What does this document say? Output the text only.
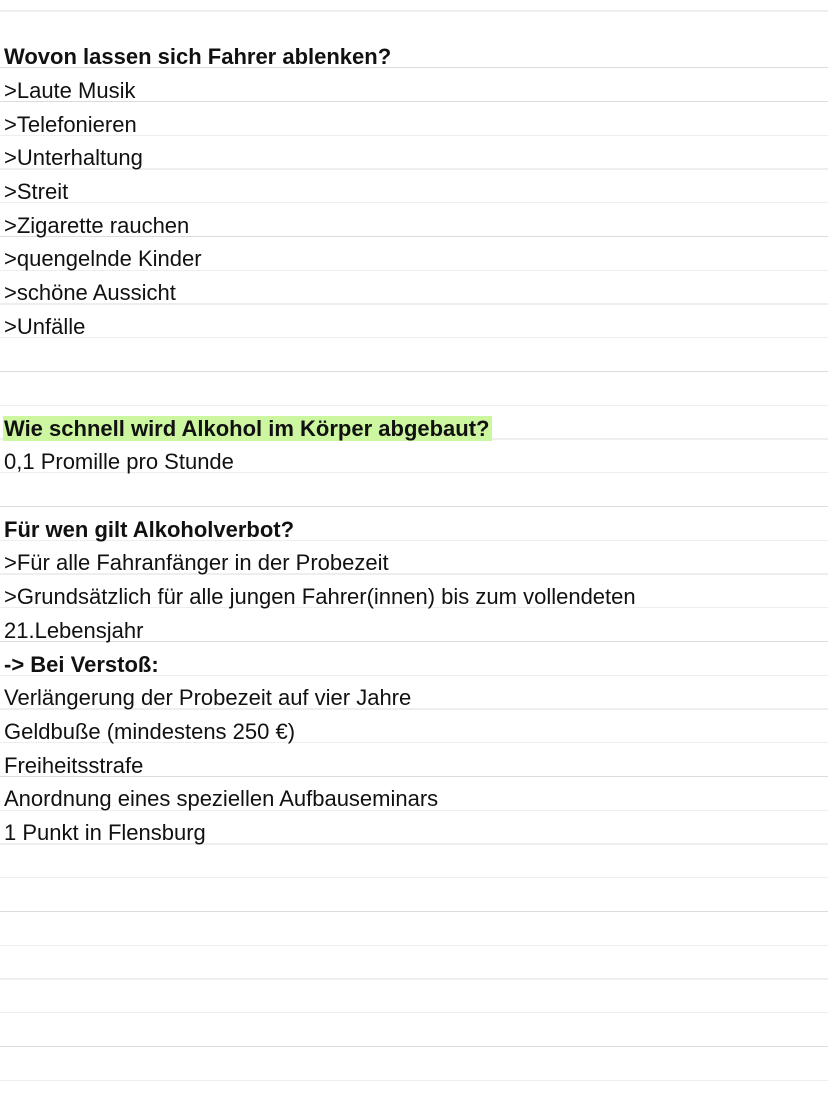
Wovon lassen sich Fahrer ablenken?
>Laute Musik
>Telefonieren
>Unterhaltung
>Streit
>Zigarette rauchen
>quengelnde Kinder
>schöne Aussicht
>Unfälle
Wie schnell wird Alkohol im Körper abgebaut?
0,1 Promille pro Stunde
Für wen gilt Alkoholverbot?
>Für alle Fahranfänger in der Probezeit
>Grundsätzlich für alle jungen Fahrer(innen) bis zum vollendeten
21.Lebensjahr
-> Bei Verstoß:
Verlängerung der Probezeit auf vier Jahre
Geldbuße (mindestens 250 €)
Freiheitsstrafe
Anordnung eines speziellen Aufbauseminars
1 Punkt in Flensburg
